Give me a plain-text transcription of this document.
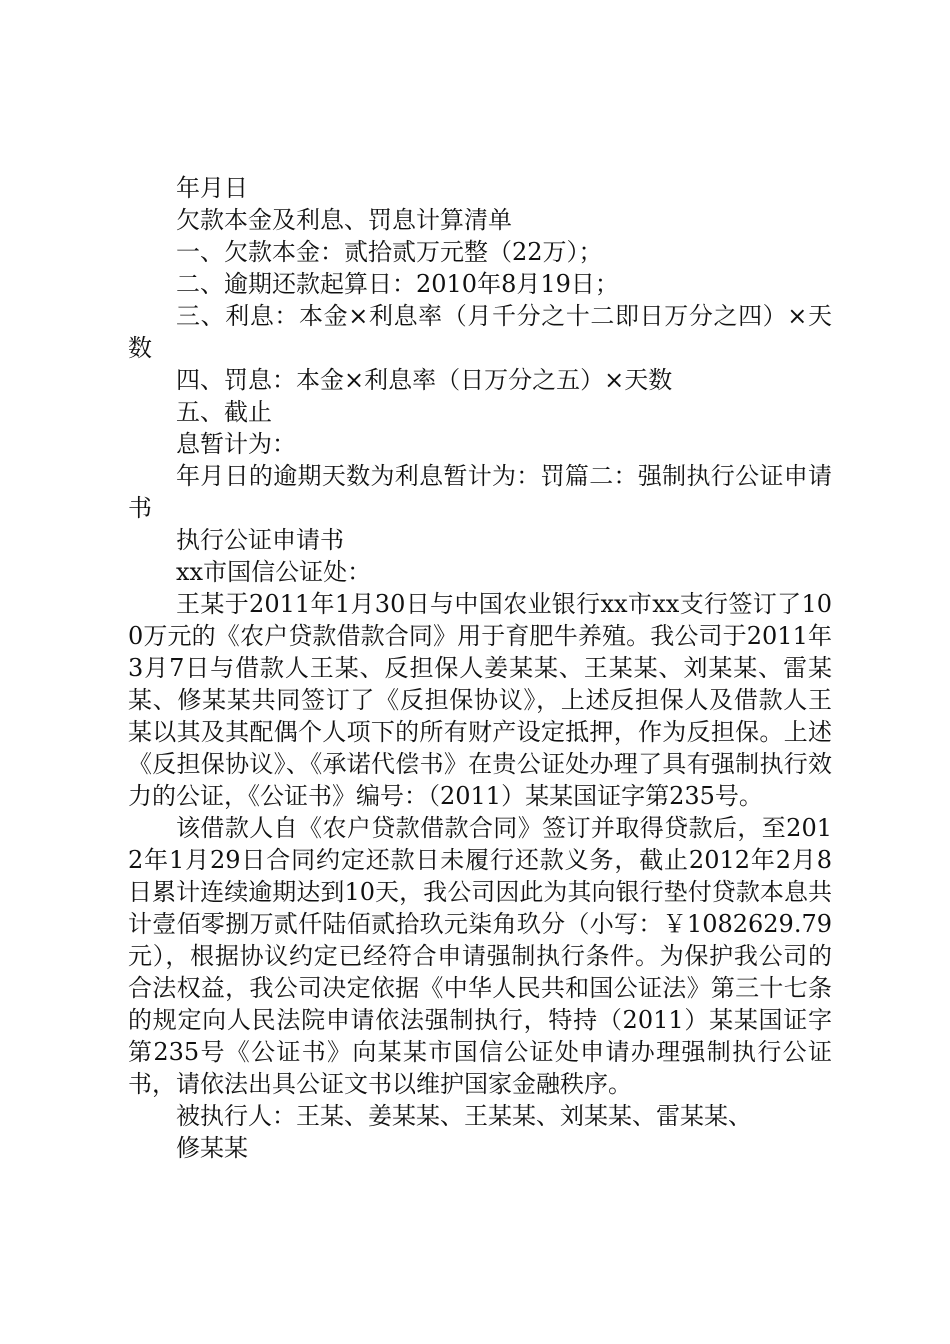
年月日

欠款本金及利息、罚息计算清单

一、欠款本金：贰拾贰万元整（22万）；

二、逾期还款起算日：2010年8月19日；

三、利息：本金×利息率（月千分之十二即日万分之四）×天数

四、罚息：本金×利息率（日万分之五）×天数

五、截止

息暂计为：

年月日的逾期天数为利息暂计为：罚篇二：强制执行公证申请书

执行公证申请书

xx市国信公证处：

王某于2011年1月30日与中国农业银行xx市xx支行签订了100万元的《农户贷款借款合同》用于育肥牛养殖。我公司于2011年3月7日与借款人王某、反担保人姜某某、王某某、刘某某、雷某某、修某某共同签订了《反担保协议》，上述反担保人及借款人王某以其及其配偶个人项下的所有财产设定抵押，作为反担保。上述《反担保协议》、《承诺代偿书》在贵公证处办理了具有强制执行效力的公证，《公证书》编号：（2011）某某国证字第235号。

该借款人自《农户贷款借款合同》签订并取得贷款后，至2012年1月29日合同约定还款日未履行还款义务，截止2012年2月8日累计连续逾期达到10天，我公司因此为其向银行垫付贷款本息共计壹佰零捌万贰仟陆佰贰拾玖元柒角玖分（小写：￥1082629.79元），根据协议约定已经符合申请强制执行条件。为保护我公司的合法权益，我公司决定依据《中华人民共和国公证法》第三十七条的规定向人民法院申请依法强制执行，特持（2011）某某国证字第235号《公证书》向某某市国信公证处申请办理强制执行公证书，请依法出具公证文书以维护国家金融秩序。

被执行人：王某、姜某某、王某某、刘某某、雷某某、

修某某
